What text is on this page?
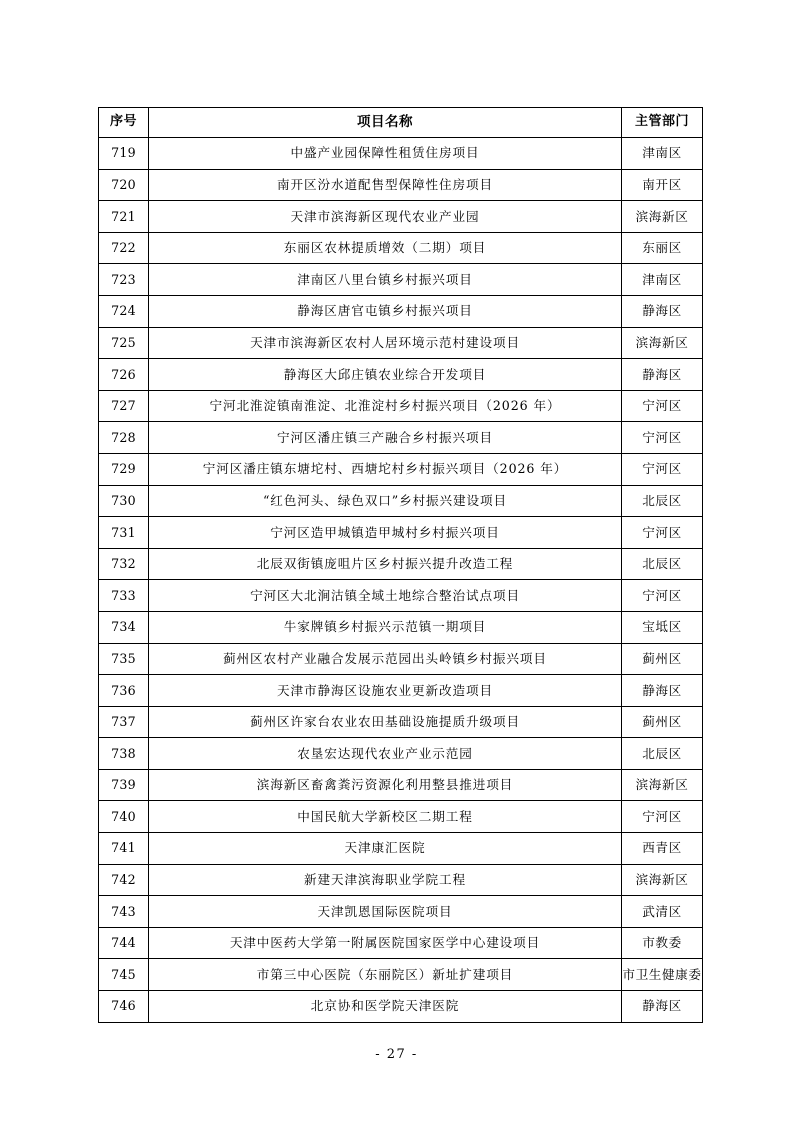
序号	项目名称	主管部门
719	中盛产业园保障性租赁住房项目	津南区
720	南开区汾水道配售型保障性住房项目	南开区
721	天津市滨海新区现代农业产业园	滨海新区
722	东丽区农林提质增效（二期）项目	东丽区
723	津南区八里台镇乡村振兴项目	津南区
724	静海区唐官屯镇乡村振兴项目	静海区
725	天津市滨海新区农村人居环境示范村建设项目	滨海新区
726	静海区大邱庄镇农业综合开发项目	静海区
727	宁河北淮淀镇南淮淀、北淮淀村乡村振兴项目（2026 年）	宁河区
728	宁河区潘庄镇三产融合乡村振兴项目	宁河区
729	宁河区潘庄镇东塘坨村、西塘坨村乡村振兴项目（2026 年）	宁河区
730	“红色河头、绿色双口”乡村振兴建设项目	北辰区
731	宁河区造甲城镇造甲城村乡村振兴项目	宁河区
732	北辰双街镇庞咀片区乡村振兴提升改造工程	北辰区
733	宁河区大北涧沽镇全域土地综合整治试点项目	宁河区
734	牛家牌镇乡村振兴示范镇一期项目	宝坻区
735	蓟州区农村产业融合发展示范园出头岭镇乡村振兴项目	蓟州区
736	天津市静海区设施农业更新改造项目	静海区
737	蓟州区许家台农业农田基础设施提质升级项目	蓟州区
738	农垦宏达现代农业产业示范园	北辰区
739	滨海新区畜禽粪污资源化利用整县推进项目	滨海新区
740	中国民航大学新校区二期工程	宁河区
741	天津康汇医院	西青区
742	新建天津滨海职业学院工程	滨海新区
743	天津凯恩国际医院项目	武清区
744	天津中医药大学第一附属医院国家医学中心建设项目	市教委
745	市第三中心医院（东丽院区）新址扩建项目	市卫生健康委
746	北京协和医学院天津医院	静海区
- 27 -
